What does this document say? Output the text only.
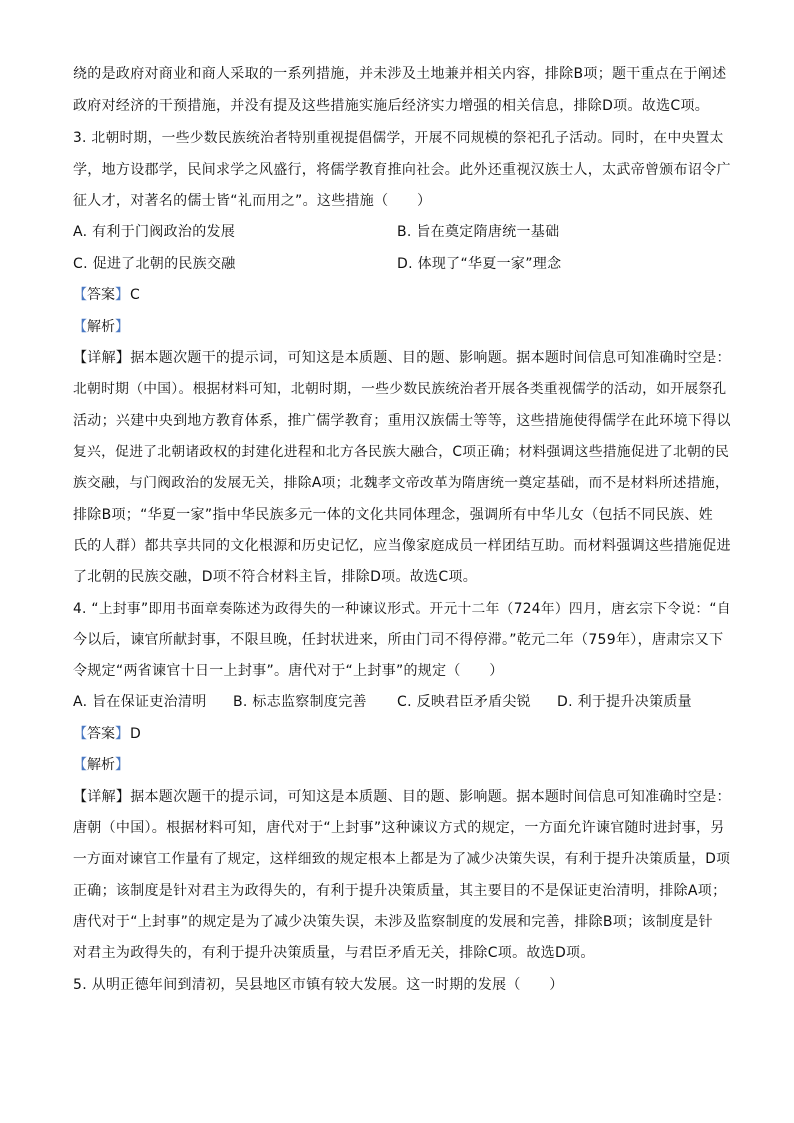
绕的是政府对商业和商人采取的一系列措施，并未涉及土地兼并相关内容，排除B项；题干重点在于阐述
政府对经济的干预措施，并没有提及这些措施实施后经济实力增强的相关信息，排除D项。故选C项。
3. 北朝时期，一些少数民族统治者特别重视提倡儒学，开展不同规模的祭祀孔子活动。同时，在中央置太
学，地方设郡学，民间求学之风盛行，将儒学教育推向社会。此外还重视汉族士人，太武帝曾颁布诏令广
征人才，对著名的儒士皆“礼而用之”。这些措施（　　）
A. 有利于门阀政治的发展	B. 旨在奠定隋唐统一基础
C. 促进了北朝的民族交融	D. 体现了“华夏一家”理念
【答案】 C
【解析】
【详解】据本题次题干的提示词，可知这是本质题、目的题、影响题。据本题时间信息可知准确时空是：
北朝时期（中国）。根据材料可知，北朝时期，一些少数民族统治者开展各类重视儒学的活动，如开展祭孔
活动；兴建中央到地方教育体系，推广儒学教育；重用汉族儒士等等，这些措施使得儒学在此环境下得以
复兴，促进了北朝诸政权的封建化进程和北方各民族大融合，C项正确；材料强调这些措施促进了北朝的民
族交融，与门阀政治的发展无关，排除A项；北魏孝文帝改革为隋唐统一奠定基础，而不是材料所述措施，
排除B项；“华夏一家”指中华民族多元一体的文化共同体理念，强调所有中华儿女（包括不同民族、姓
氏的人群）都共享共同的文化根源和历史记忆，应当像家庭成员一样团结互助。而材料强调这些措施促进
了北朝的民族交融，D项不符合材料主旨，排除D项。故选C项。
4. “上封事”即用书面章奏陈述为政得失的一种谏议形式。开元十二年（724年）四月，唐玄宗下令说：“自
今以后，谏官所献封事，不限旦晚，任封状进来，所由门司不得停滞。”乾元二年（759年），唐肃宗又下
令规定“两省谏官十日一上封事”。唐代对于“上封事”的规定（　　）
A. 旨在保证吏治清明 B. 标志监察制度完善 C. 反映君臣矛盾尖锐 D. 利于提升决策质量
【答案】 D
【解析】
【详解】据本题次题干的提示词，可知这是本质题、目的题、影响题。据本题时间信息可知准确时空是：
唐朝（中国）。根据材料可知，唐代对于“上封事”这种谏议方式的规定，一方面允许谏官随时进封事，另
一方面对谏官工作量有了规定，这样细致的规定根本上都是为了减少决策失误，有利于提升决策质量，D项
正确；该制度是针对君主为政得失的，有利于提升决策质量，其主要目的不是保证吏治清明，排除A项；
唐代对于“上封事”的规定是为了减少决策失误，未涉及监察制度的发展和完善，排除B项；该制度是针
对君主为政得失的，有利于提升决策质量，与君臣矛盾无关，排除C项。故选D项。
5. 从明正德年间到清初，吴县地区市镇有较大发展。这一时期的发展（　　）
